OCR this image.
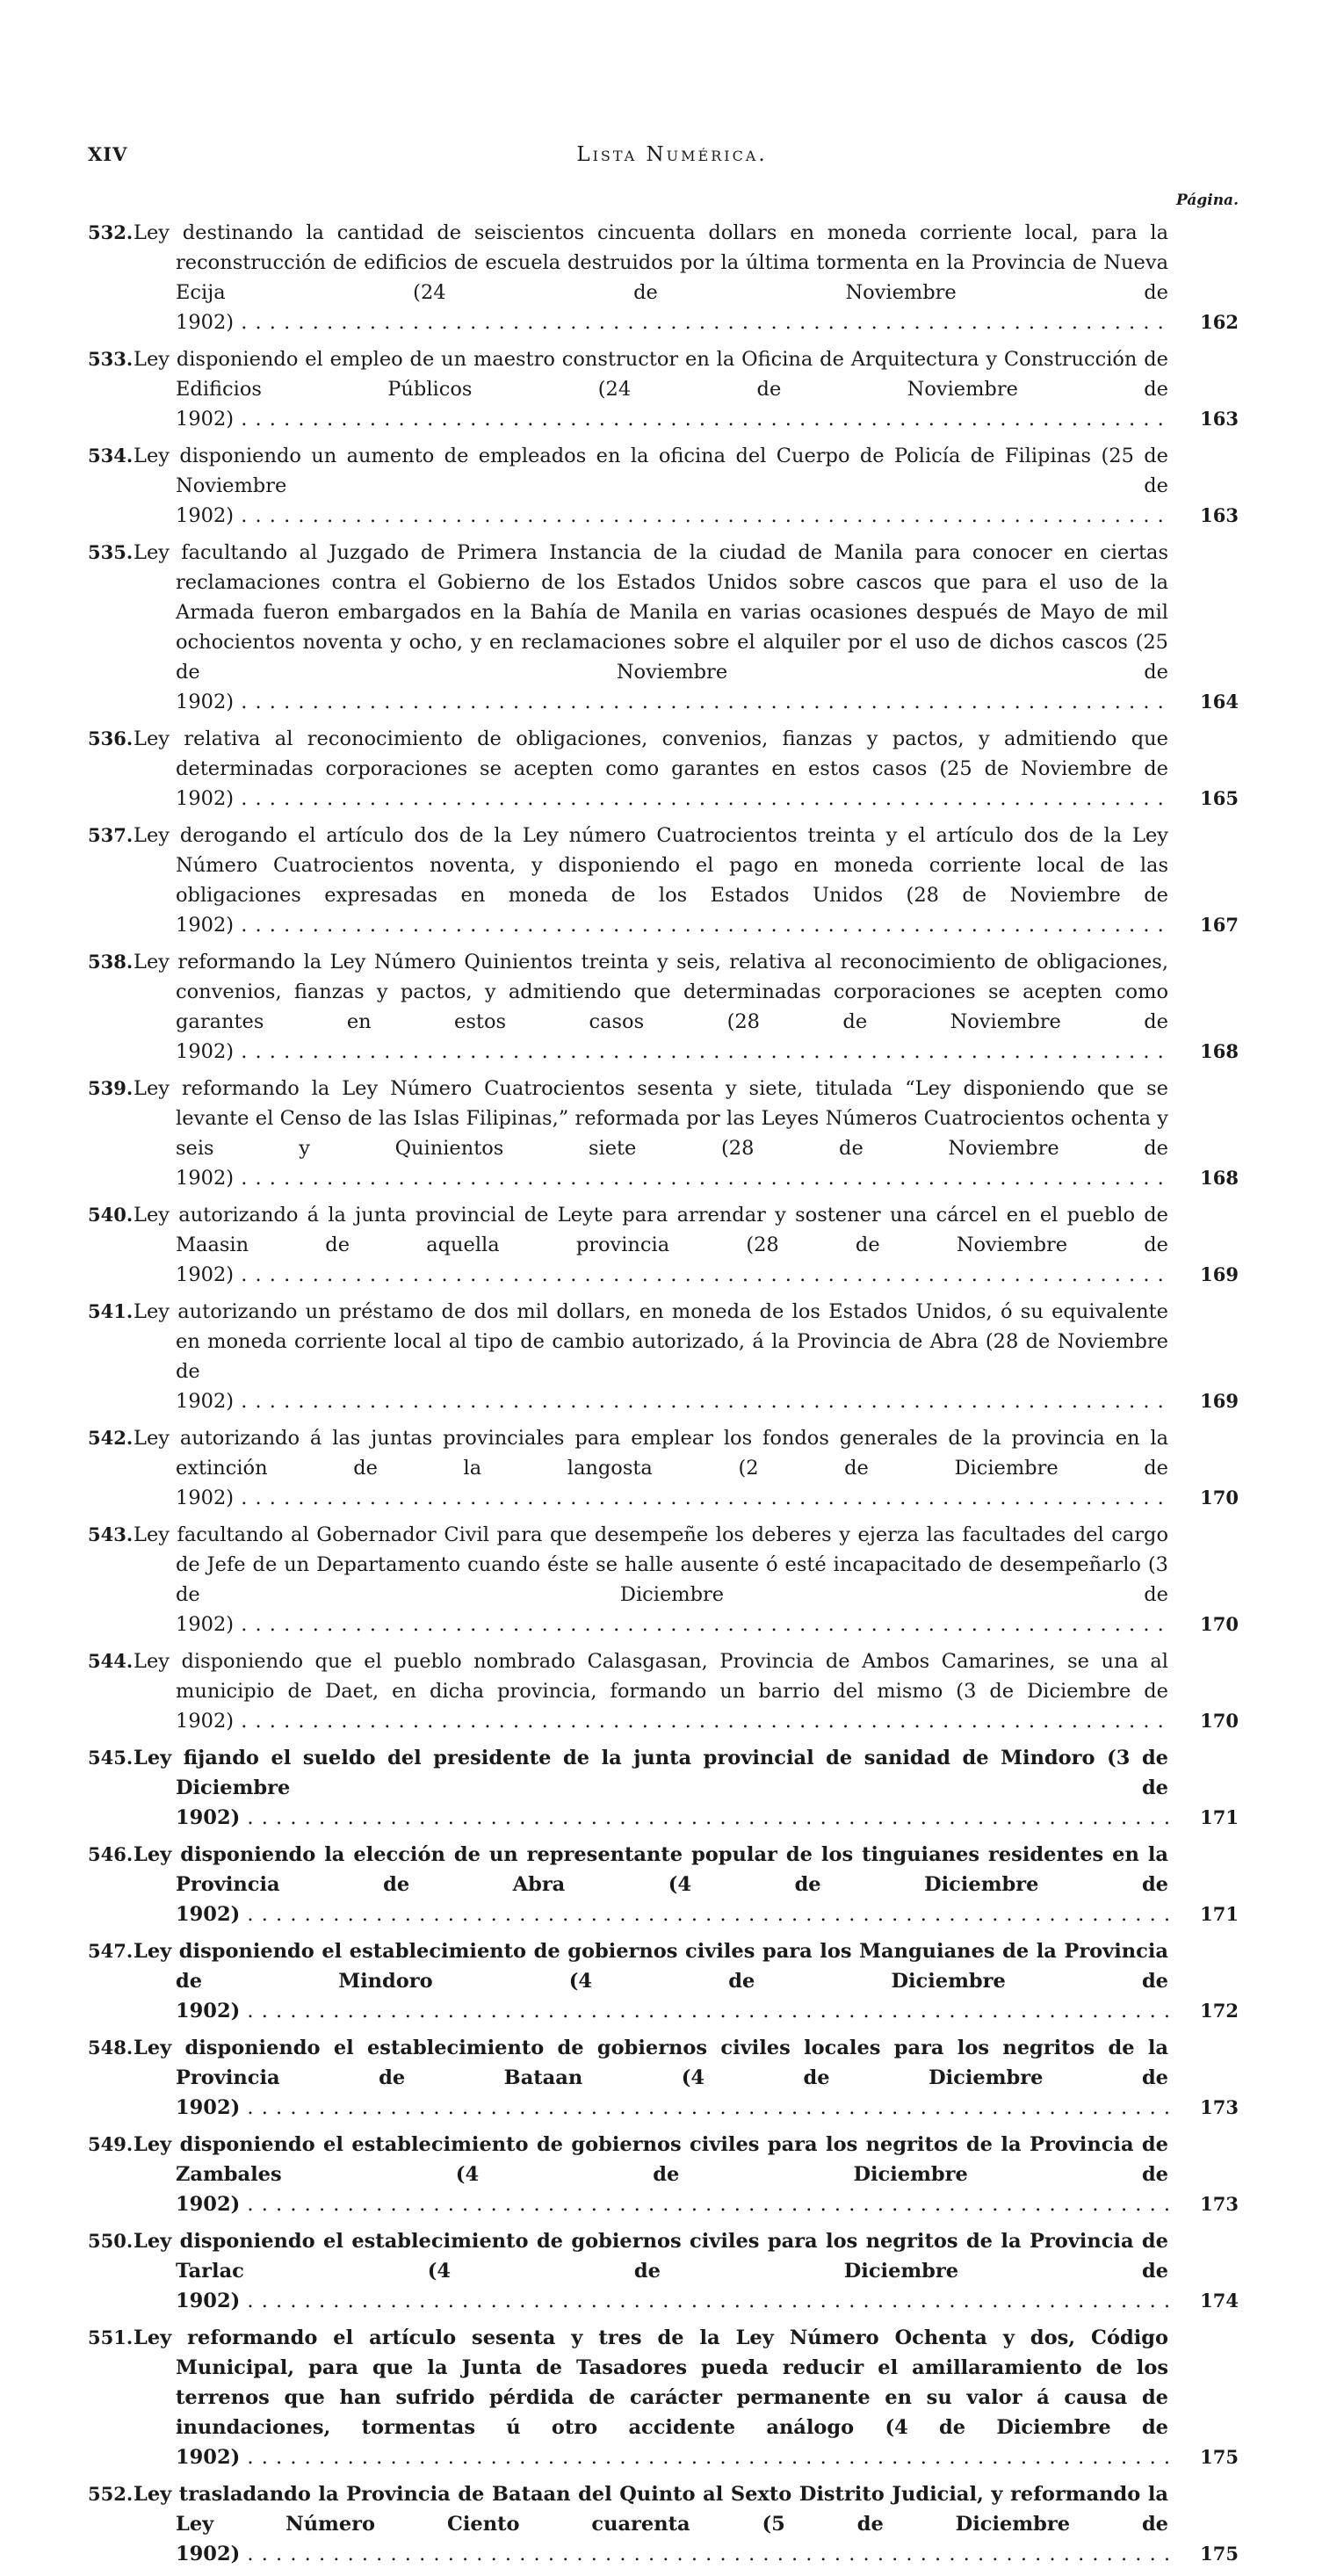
XIV	Lista Numérica.
Página.
532. Ley destinando la cantidad de seiscientos cincuenta dollars en moneda corriente local, para la reconstrucción de edificios de escuela destruidos por la última tormenta en la Provincia de Nueva Ecija (24 de Noviembre de 1902) . . .	162
533. Ley disponiendo el empleo de un maestro constructor en la Oficina de Arquitectura y Construcción de Edificios Públicos (24 de Noviembre de 1902) . . .	163
534. Ley disponiendo un aumento de empleados en la oficina del Cuerpo de Policía de Filipinas (25 de Noviembre de 1902) . . .	163
535. Ley facultando al Juzgado de Primera Instancia de la ciudad de Manila para conocer en ciertas reclamaciones contra el Gobierno de los Estados Unidos sobre cascos que para el uso de la Armada fueron embargados en la Bahía de Manila en varias ocasiones después de Mayo de mil ochocientos noventa y ocho, y en reclamaciones sobre el alquiler por el uso de dichos cascos (25 de Noviembre de 1902) . . .	164
536. Ley relativa al reconocimiento de obligaciones, convenios, fianzas y pactos, y admitiendo que determinadas corporaciones se acepten como garantes en estos casos (25 de Noviembre de 1902) . . .	165
537. Ley derogando el artículo dos de la Ley número Cuatrocientos treinta y el artículo dos de la Ley Número Cuatrocientos noventa, y disponiendo el pago en moneda corriente local de las obligaciones expresadas en moneda de los Estados Unidos (28 de Noviembre de 1902) . . .	167
538. Ley reformando la Ley Número Quinientos treinta y seis, relativa al reconocimiento de obligaciones, convenios, fianzas y pactos, y admitiendo que determinadas corporaciones se acepten como garantes en estos casos (28 de Noviembre de 1902) . . .	168
539. Ley reformando la Ley Número Cuatrocientos sesenta y siete, titulada “Ley disponiendo que se levante el Censo de las Islas Filipinas,” reformada por las Leyes Números Cuatrocientos ochenta y seis y Quinientos siete (28 de Noviembre de 1902) . . .	168
540. Ley autorizando á la junta provincial de Leyte para arrendar y sostener una cárcel en el pueblo de Maasin de aquella provincia (28 de Noviembre de 1902) . . .	169
541. Ley autorizando un préstamo de dos mil dollars, en moneda de los Estados Unidos, ó su equivalente en moneda corriente local al tipo de cambio autorizado, á la Provincia de Abra (28 de Noviembre de 1902) . . .	169
542. Ley autorizando á las juntas provinciales para emplear los fondos generales de la provincia en la extinción de la langosta (2 de Diciembre de 1902) . . .	170
543. Ley facultando al Gobernador Civil para que desempeñe los deberes y ejerza las facultades del cargo de Jefe de un Departamento cuando éste se halle ausente ó esté incapacitado de desempeñarlo (3 de Diciembre de 1902) . . .	170
544. Ley disponiendo que el pueblo nombrado Calasgasan, Provincia de Ambos Camarines, se una al municipio de Daet, en dicha provincia, formando un barrio del mismo (3 de Diciembre de 1902) . . .	170
545. Ley fijando el sueldo del presidente de la junta provincial de sanidad de Mindoro (3 de Diciembre de 1902) . . .	171
546. Ley disponiendo la elección de un representante popular de los tinguianes residentes en la Provincia de Abra (4 de Diciembre de 1902) . . .	171
547. Ley disponiendo el establecimiento de gobiernos civiles para los Manguianes de la Provincia de Mindoro (4 de Diciembre de 1902) . . .	172
548. Ley disponiendo el establecimiento de gobiernos civiles locales para los negritos de la Provincia de Bataan (4 de Diciembre de 1902) . . .	173
549. Ley disponiendo el establecimiento de gobiernos civiles para los negritos de la Provincia de Zambales (4 de Diciembre de 1902) . . .	173
550. Ley disponiendo el establecimiento de gobiernos civiles para los negritos de la Provincia de Tarlac (4 de Diciembre de 1902) . . .	174
551. Ley reformando el artículo sesenta y tres de la Ley Número Ochenta y dos, Código Municipal, para que la Junta de Tasadores pueda reducir el amillaramiento de los terrenos que han sufrido pérdida de carácter permanente en su valor á causa de inundaciones, tormentas ú otro accidente análogo (4 de Diciembre de 1902) . . .	175
552. Ley trasladando la Provincia de Bataan del Quinto al Sexto Distrito Judicial, y reformando la Ley Número Ciento cuarenta (5 de Diciembre de 1902) . . .	175
